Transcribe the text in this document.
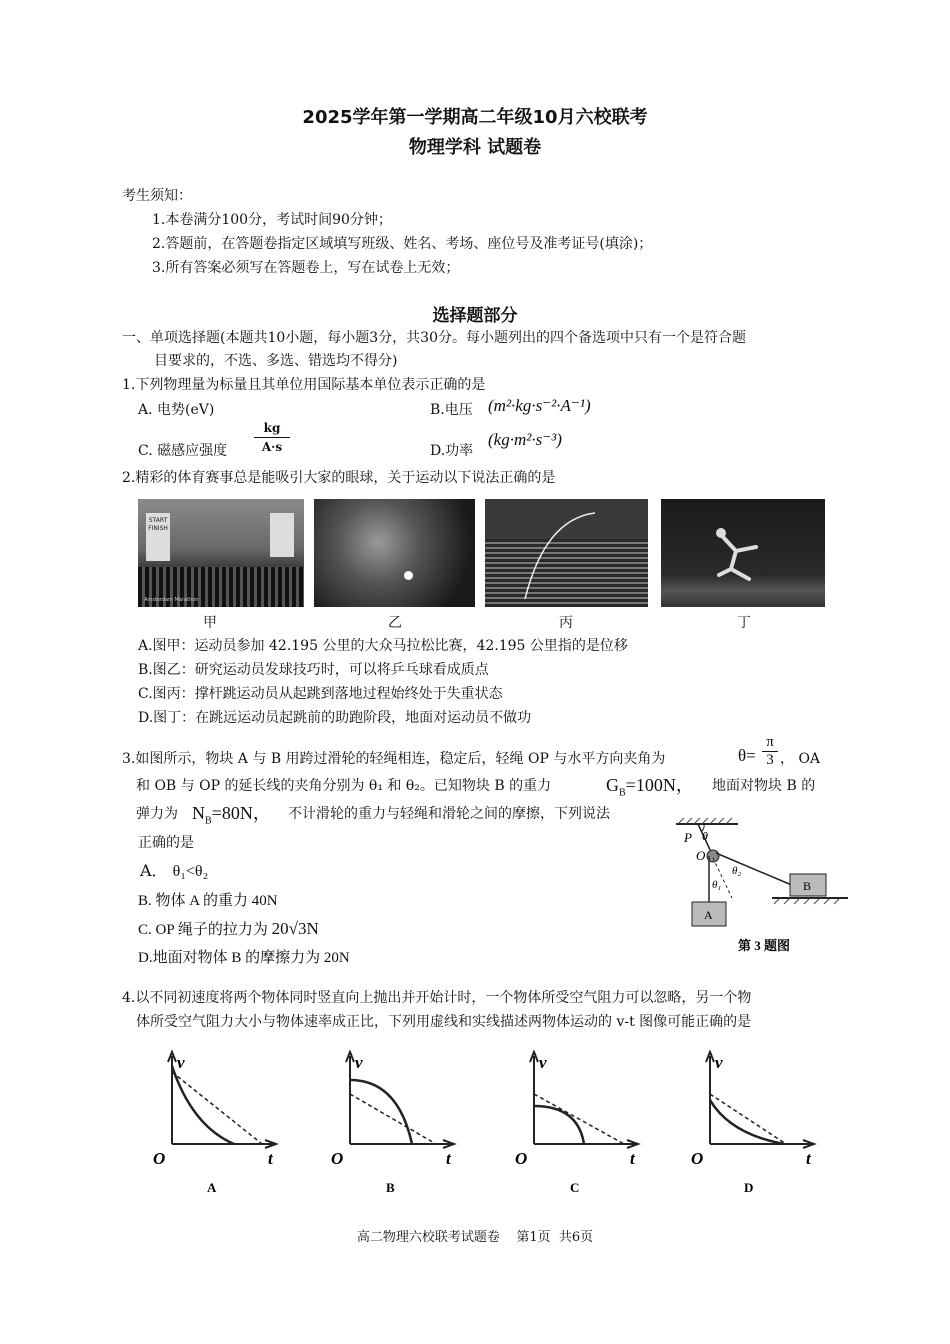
2025学年第一学期高二年级10月六校联考
物理学科 试题卷
考生须知：
1.本卷满分100分，考试时间90分钟；
2.答题前，在答题卷指定区域填写班级、姓名、考场、座位号及准考证号(填涂)；
3.所有答案必须写在答题卷上，写在试卷上无效；
选择题部分
一、单项选择题(本题共10小题，每小题3分，共30分。每小题列出的四个备选项中只有一个是符合题
目要求的，不选、多选、错选均不得分)
1.下列物理量为标量且其单位用国际基本单位表示正确的是
A. 电势(eV)	B.电压 (m²·kg·s⁻²·A⁻¹)
C. 磁感应强度 $\frac{kg}{A\cdot s}$	D.功率
(kg·m²·s⁻³)
2.精彩的体育赛事总是能吸引大家的眼球，关于运动以下说法正确的是
START
FINISH
Amsterdam Marathon
甲	乙	丙	丁
A.图甲：运动员参加 42.195 公里的大众马拉松比赛，42.195 公里指的是位移
B.图乙：研究运动员发球技巧时，可以将乒乓球看成质点
C.图丙：撑杆跳运动员从起跳到落地过程始终处于失重状态
D.图丁：在跳远运动员起跳前的助跑阶段，地面对运动员不做功
3.如图所示，物块 A 与 B 用跨过滑轮的轻绳相连，稳定后，轻绳 OP 与水平方向夹角为	θ=
π
3 ， OA
和 OB 与 OP 的延长线的夹角分别为 θ₁ 和 θ₂。已知物块 B 的重力	$G_B=100N$， 地面对物块 B 的
弹力为 $N_B=80N$， 不计滑轮的重力与轻绳和滑轮之间的摩擦，下列说法
正确的是
A． θ₁<θ₂
B. 物体 A 的重力 40N
C. OP 绳子的拉力为 20√3N
D.地面对物体 B 的摩擦力为 20N
P θ
O
θ₁
θ₂
A
B
第 3 题图
4.以不同初速度将两个物体同时竖直向上抛出并开始计时，一个物体所受空气阻力可以忽略，另一个物
体所受空气阻力大小与物体速率成正比，下列用虚线和实线描述两物体运动的 v-t 图像可能正确的是
v
O	t
A
v
O	t
B
v
O	t
C
v
O	t
D
高二物理六校联考试题卷    第1页  共6页
